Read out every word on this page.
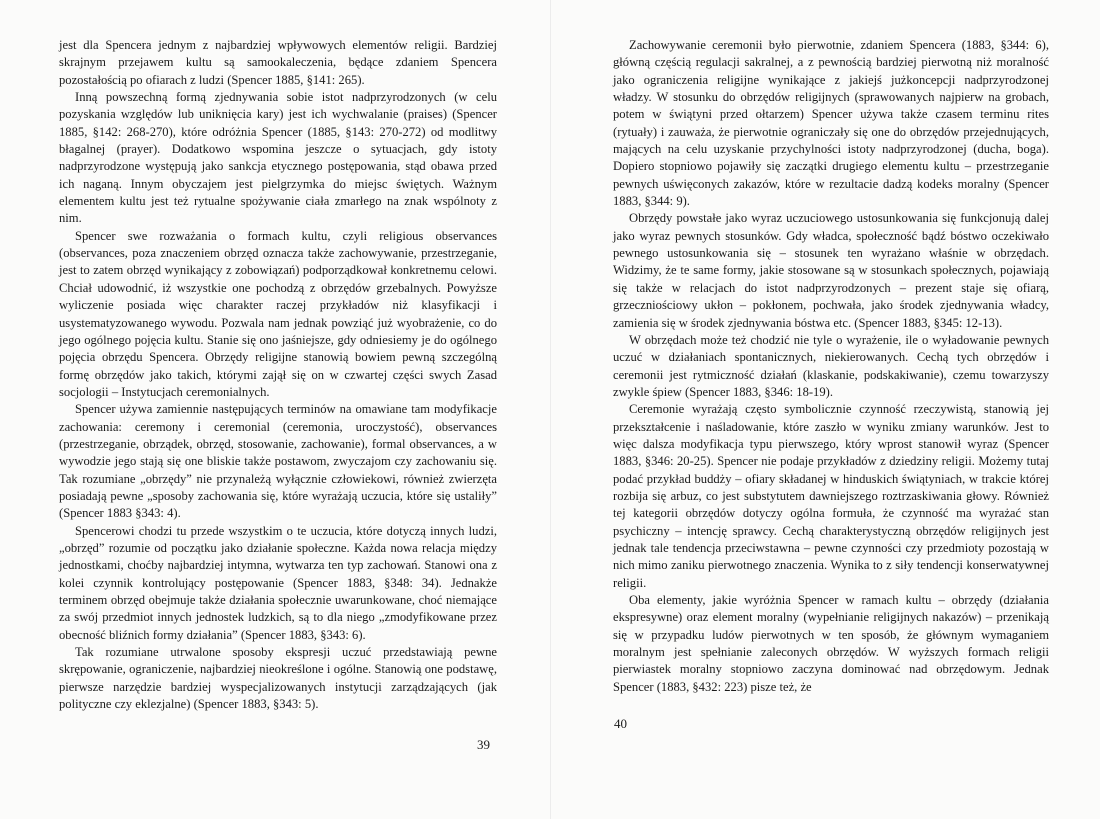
jest dla Spencera jednym z najbardziej wpływowych elementów religii. Bardziej skrajnym przejawem kultu są samookaleczenia, będące zdaniem Spencera pozostałością po ofiarach z ludzi (Spencer 1885, §141: 265).

Inną powszechną formą zjednywania sobie istot nadprzyrodzonych (w celu pozyskania względów lub uniknięcia kary) jest ich wychwalanie (praises) (Spencer 1885, §142: 268-270), które odróżnia Spencer (1885, §143: 270-272) od modlitwy błagalnej (prayer). Dodatkowo wspomina jeszcze o sytuacjach, gdy istoty nadprzyrodzone występują jako sankcja etycznego postępowania, stąd obawa przed ich naganą. Innym obyczajem jest pielgrzymka do miejsc świętych. Ważnym elementem kultu jest też rytualne spożywanie ciała zmarłego na znak wspólnoty z nim.

Spencer swe rozważania o formach kultu, czyli religious observances (observances, poza znaczeniem obrzęd oznacza także zachowywanie, przestrzeganie, jest to zatem obrzęd wynikający z zobowiązań) podporządkował konkretnemu celowi. Chciał udowodnić, iż wszystkie one pochodzą z obrzędów grzebalnych. Powyższe wyliczenie posiada więc charakter raczej przykładów niż klasyfikacji i usystematyzowanego wywodu. Pozwala nam jednak powziąć już wyobrażenie, co do jego ogólnego pojęcia kultu. Stanie się ono jaśniejsze, gdy odniesiemy je do ogólnego pojęcia obrzędu Spencera. Obrzędy religijne stanowią bowiem pewną szczególną formę obrzędów jako takich, którymi zajął się on w czwartej części swych Zasad socjologii – Instytucjach ceremonialnych.

Spencer używa zamiennie następujących terminów na omawiane tam modyfikacje zachowania: ceremony i ceremonial (ceremonia, uroczystość), observances (przestrzeganie, obrządek, obrzęd, stosowanie, zachowanie), formal observances, a w wywodzie jego stają się one bliskie także postawom, zwyczajom czy zachowaniu się. Tak rozumiane „obrzędy” nie przynależą wyłącznie człowiekowi, również zwierzęta posiadają pewne „sposoby zachowania się, które wyrażają uczucia, które się ustaliły” (Spencer 1883 §343: 4).

Spencerowi chodzi tu przede wszystkim o te uczucia, które dotyczą innych ludzi, „obrzęd” rozumie od początku jako działanie społeczne. Każda nowa relacja między jednostkami, choćby najbardziej intymna, wytwarza ten typ zachowań. Stanowi ona z kolei czynnik kontrolujący postępowanie (Spencer 1883, §348: 34). Jednakże terminem obrzęd obejmuje także działania społecznie uwarunkowane, choć niemające za swój przedmiot innych jednostek ludzkich, są to dla niego „zmodyfikowane przez obecność bliźnich formy działania” (Spencer 1883, §343: 6).

Tak rozumiane utrwalone sposoby ekspresji uczuć przedstawiają pewne skrępowanie, ograniczenie, najbardziej nieokreślone i ogólne. Stanowią one podstawę, pierwsze narzędzie bardziej wyspecjalizowanych instytucji zarządzających (jak polityczne czy eklezjalne) (Spencer 1883, §343: 5).

39

Zachowywanie ceremonii było pierwotnie, zdaniem Spencera (1883, §344: 6), główną częścią regulacji sakralnej, a z pewnością bardziej pierwotną niż moralność jako ograniczenia religijne wynikające z jakiejś jużkoncepcji nadprzyrodzonej władzy. W stosunku do obrzędów religijnych (sprawowanych najpierw na grobach, potem w świątyni przed ołtarzem) Spencer używa także czasem terminu rites (rytuały) i zauważa, że pierwotnie ograniczały się one do obrzędów przejednujących, mających na celu uzyskanie przychylności istoty nadprzyrodzonej (ducha, boga). Dopiero stopniowo pojawiły się zaczątki drugiego elementu kultu – przestrzeganie pewnych uświęconych zakazów, które w rezultacie dadzą kodeks moralny (Spencer 1883, §344: 9).

Obrzędy powstałe jako wyraz uczuciowego ustosunkowania się funkcjonują dalej jako wyraz pewnych stosunków. Gdy władca, społeczność bądź bóstwo oczekiwało pewnego ustosunkowania się – stosunek ten wyrażano właśnie w obrzędach. Widzimy, że te same formy, jakie stosowane są w stosunkach społecznych, pojawiają się także w relacjach do istot nadprzyrodzonych – prezent staje się ofiarą, grzeczniościowy ukłon – pokłonem, pochwała, jako środek zjednywania władcy, zamienia się w środek zjednywania bóstwa etc. (Spencer 1883, §345: 12-13).

W obrzędach może też chodzić nie tyle o wyrażenie, ile o wyładowanie pewnych uczuć w działaniach spontanicznych, niekierowanych. Cechą tych obrzędów i ceremonii jest rytmiczność działań (klaskanie, podskakiwanie), czemu towarzyszy zwykle śpiew (Spencer 1883, §346: 18-19).

Ceremonie wyrażają często symbolicznie czynność rzeczywistą, stanowią jej przekształcenie i naśladowanie, które zaszło w wyniku zmiany warunków. Jest to więc dalsza modyfikacja typu pierwszego, który wprost stanowił wyraz (Spencer 1883, §346: 20-25). Spencer nie podaje przykładów z dziedziny religii. Możemy tutaj podać przykład buddży – ofiary składanej w hinduskich świątyniach, w trakcie której rozbija się arbuz, co jest substytutem dawniejszego roztrzaskiwania głowy. Również tej kategorii obrzędów dotyczy ogólna formuła, że czynność ma wyrażać stan psychiczny – intencję sprawcy. Cechą charakterystyczną obrzędów religijnych jest jednak tale tendencja przeciwstawna – pewne czynności czy przedmioty pozostają w nich mimo zaniku pierwotnego znaczenia. Wynika to z siły tendencji konserwatywnej religii.

Oba elementy, jakie wyróżnia Spencer w ramach kultu – obrzędy (działania ekspresywne) oraz element moralny (wypełnianie religijnych nakazów) – przenikają się w przypadku ludów pierwotnych w ten sposób, że głównym wymaganiem moralnym jest spełnianie zaleconych obrzędów. W wyższych formach religii pierwiastek moralny stopniowo zaczyna dominować nad obrzędowym. Jednak Spencer (1883, §432: 223) pisze też, że

40
